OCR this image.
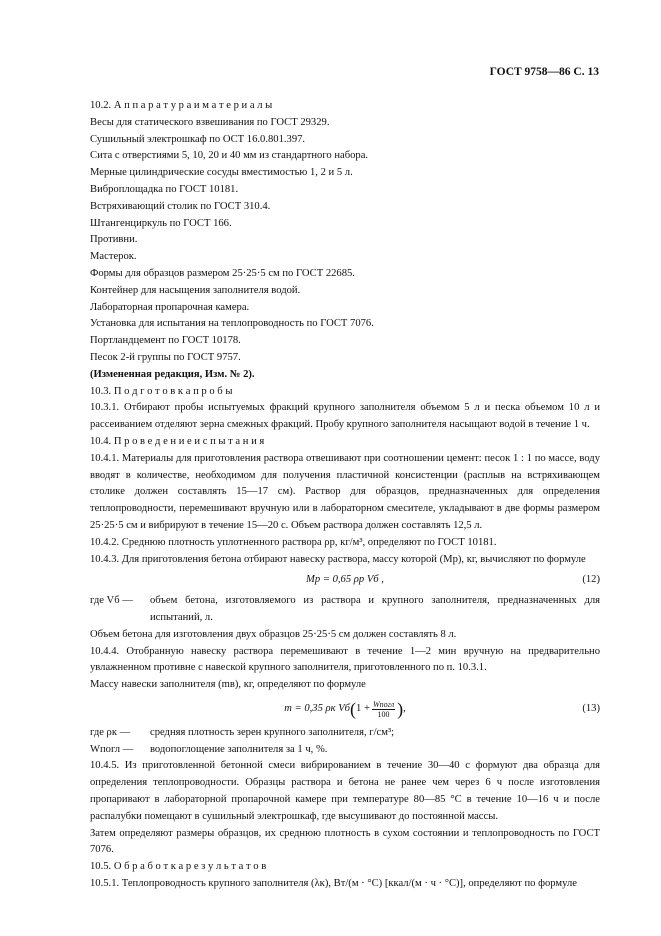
ГОСТ 9758—86 С. 13
10.2. А п п а р а т у р а и м а т е р и а л ы
Весы для статического взвешивания по ГОСТ 29329.
Сушильный электрошкаф по ОСТ 16.0.801.397.
Сита с отверстиями 5, 10, 20 и 40 мм из стандартного набора.
Мерные цилиндрические сосуды вместимостью 1, 2 и 5 л.
Виброплощадка по ГОСТ 10181.
Встряхивающий столик по ГОСТ 310.4.
Штангенциркуль по ГОСТ 166.
Противни.
Мастерок.
Формы для образцов размером 25·25·5 см по ГОСТ 22685.
Контейнер для насыщения заполнителя водой.
Лабораторная пропарочная камера.
Установка для испытания на теплопроводность по ГОСТ 7076.
Портландцемент по ГОСТ 10178.
Песок 2-й группы по ГОСТ 9757.
(Измененная редакция, Изм. № 2).
10.3. П о д г о т о в к а п р о б ы
10.3.1. Отбирают пробы испытуемых фракций крупного заполнителя объемом 5 л и песка объемом 10 л и рассеиванием отделяют зерна смежных фракций. Пробу крупного заполнителя насыщают водой в течение 1 ч.
10.4. П р о в е д е н и е и с п ы т а н и я
10.4.1. Материалы для приготовления раствора отвешивают при соотношении цемент: песок 1 : 1 по массе, воду вводят в количестве, необходимом для получения пластичной консистенции (расплыв на встряхивающем столике должен составлять 15—17 см). Раствор для образцов, предназначенных для определения теплопроводности, перемешивают вручную или в лабораторном смесителе, укладывают в две формы размером 25·25·5 см и вибрируют в течение 15—20 с. Объем раствора должен составлять 12,5 л.
10.4.2. Среднюю плотность уплотненного раствора ρр, кг/м³, определяют по ГОСТ 10181.
10.4.3. Для приготовления бетона отбирают навеску раствора, массу которой (Mр), кг, вычисляют по формуле
Mр = 0,65 ρр Vб ,	(12)
где Vб —	объем бетона, изготовляемого из раствора и крупного заполнителя, предназначенных для испытаний, л.
Объем бетона для изготовления двух образцов 25·25·5 см должен составлять 8 л.
10.4.4. Отобранную навеску раствора перемешивают в течение 1—2 мин вручную на предварительно увлажненном противне с навеской крупного заполнителя, приготовленного по п. 10.3.1.
Массу навески заполнителя (mв), кг, определяют по формуле
m = 0,35 ρк Vб ( $1 + \frac{\text{Wпогл}}{100}$ ) ,	(13)
где ρк —	средняя плотность зерен крупного заполнителя, г/см³;
Wпогл —	водопоглощение заполнителя за 1 ч, %.
10.4.5. Из приготовленной бетонной смеси вибрированием в течение 30—40 с формуют два образца для определения теплопроводности. Образцы раствора и бетона не ранее чем через 6 ч после изготовления пропаривают в лабораторной пропарочной камере при температуре 80—85 °С в течение 10—16 ч и после распалубки помещают в сушильный электрошкаф, где высушивают до постоянной массы.
Затем определяют размеры образцов, их среднюю плотность в сухом состоянии и теплопроводность по ГОСТ 7076.
10.5. О б р а б о т к а р е з у л ь т а т о в
10.5.1. Теплопроводность крупного заполнителя (λк), Вт/(м · °С) [ккал/(м · ч · °С)], определяют по формуле
